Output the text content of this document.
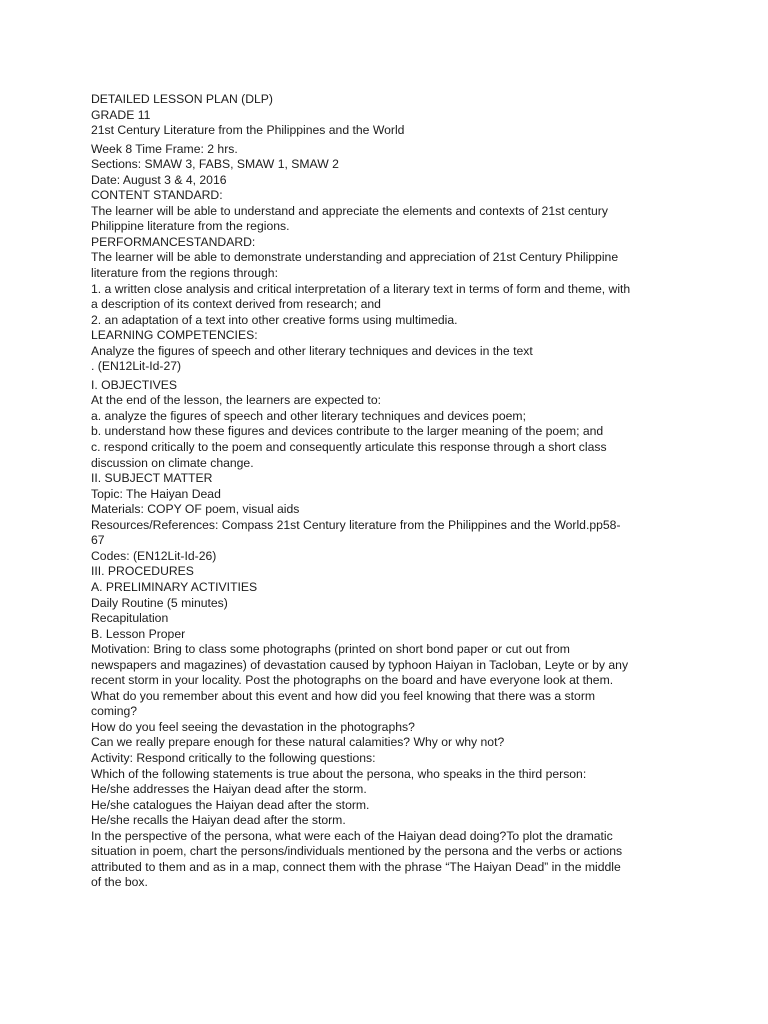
DETAILED LESSON PLAN (DLP)

GRADE 11

21st Century Literature from the Philippines and the World

Week 8 Time Frame: 2 hrs.

Sections: SMAW 3, FABS, SMAW 1, SMAW 2

Date: August 3 & 4, 2016

CONTENT STANDARD:

The learner will be able to understand and appreciate the elements and contexts of 21st century

Philippine literature from the regions.

PERFORMANCESTANDARD:

The learner will be able to demonstrate understanding and appreciation of 21st Century Philippine

literature from the regions through:

1. a written close analysis and critical interpretation of a literary text in terms of form and theme, with

a description of its context derived from research; and

2. an adaptation of a text into other creative forms using multimedia.

LEARNING COMPETENCIES:

Analyze the figures of speech and other literary techniques and devices in the text

. (EN12Lit-Id-27)

I. OBJECTIVES

At the end of the lesson, the learners are expected to:

a. analyze the figures of speech and other literary techniques and devices poem;

b. understand how these figures and devices contribute to the larger meaning of the poem; and

c. respond critically to the poem and consequently articulate this response through a short class

discussion on climate change.

II. SUBJECT MATTER

Topic: The Haiyan Dead

Materials: COPY OF poem, visual aids

Resources/References: Compass 21st Century literature from the Philippines and the World.pp58-

67

Codes: (EN12Lit-Id-26)

III. PROCEDURES

A. PRELIMINARY ACTIVITIES

Daily Routine (5 minutes)

Recapitulation

B. Lesson Proper

Motivation: Bring to class some photographs (printed on short bond paper or cut out from

newspapers and magazines) of devastation caused by typhoon Haiyan in Tacloban, Leyte or by any

recent storm in your locality. Post the photographs on the board and have everyone look at them.

What do you remember about this event and how did you feel knowing that there was a storm

coming?

How do you feel seeing the devastation in the photographs?

Can we really prepare enough for these natural calamities? Why or why not?

Activity: Respond critically to the following questions:

Which of the following statements is true about the persona, who speaks in the third person:

He/she addresses the Haiyan dead after the storm.

He/she catalogues the Haiyan dead after the storm.

He/she recalls the Haiyan dead after the storm.

In the perspective of the persona, what were each of the Haiyan dead doing?To plot the dramatic

situation in poem, chart the persons/individuals mentioned by the persona and the verbs or actions

attributed to them and as in a map, connect them with the phrase “The Haiyan Dead” in the middle

of the box.
